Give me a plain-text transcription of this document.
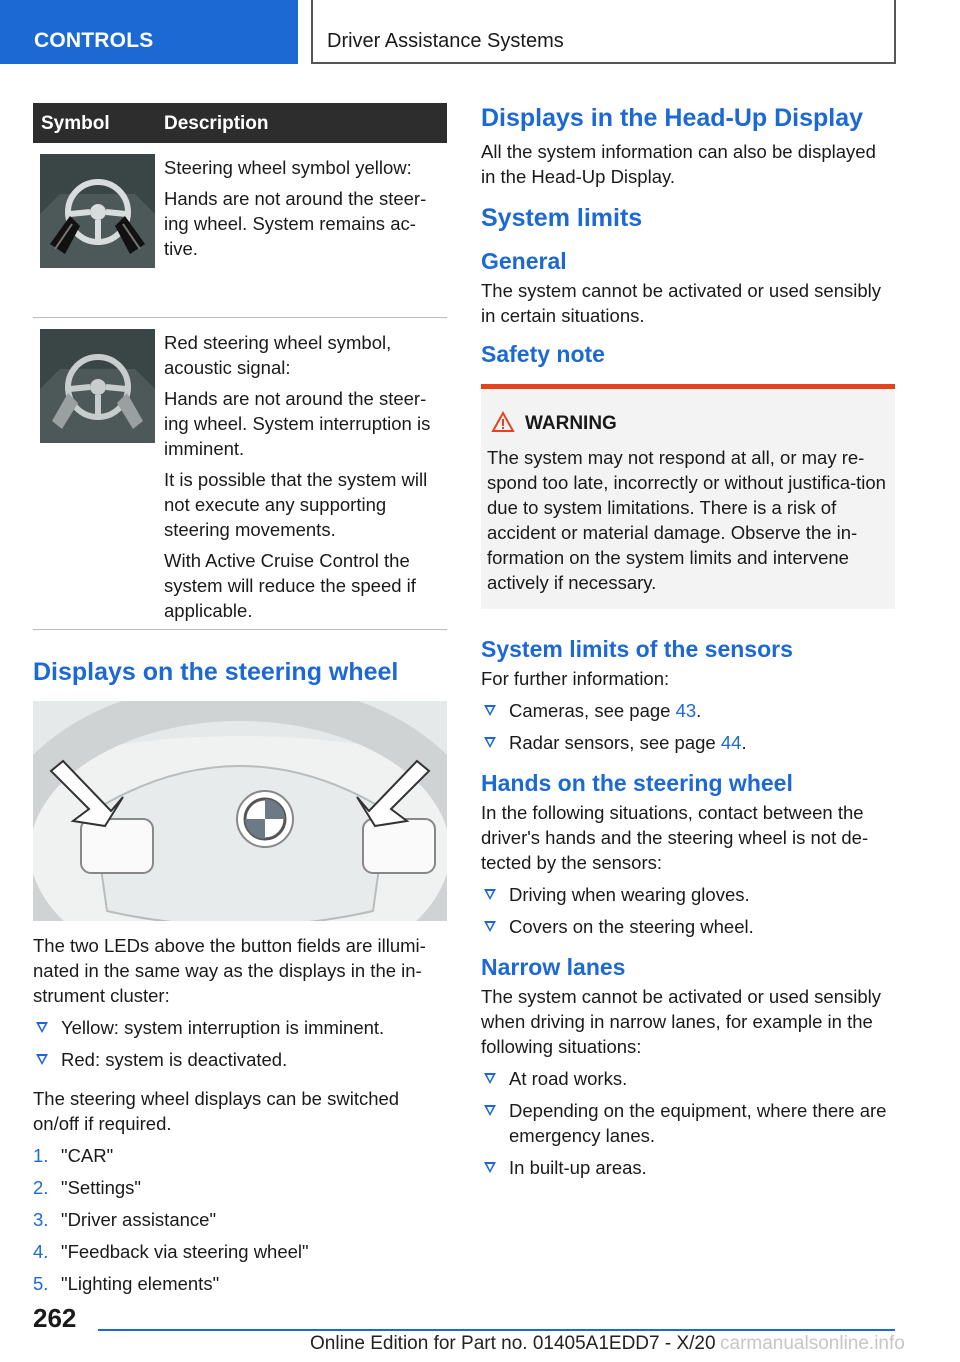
CONTROLS	Driver Assistance Systems
Symbol	Description

Steering wheel symbol yellow:

Hands are not around the steer-ing wheel. System remains ac-tive.

Red steering wheel symbol, acoustic signal:

Hands are not around the steer-ing wheel. System interruption is imminent.

It is possible that the system will not execute any supporting steering movements.

With Active Cruise Control the system will reduce the speed if applicable.

Displays on the steering wheel

The two LEDs above the button fields are illumi-nated in the same way as the displays in the in-strument cluster:

Yellow: system interruption is imminent.
Red: system is deactivated.

The steering wheel displays can be switched on/off if required.

1. "CAR"
2. "Settings"
3. "Driver assistance"
4. "Feedback via steering wheel"
5. "Lighting elements"
Displays in the Head-Up Display

All the system information can also be displayed in the Head-Up Display.

System limits
General

The system cannot be activated or used sensibly in certain situations.

Safety note
WARNING

The system may not respond at all, or may re-spond too late, incorrectly or without justifica-tion due to system limitations. There is a risk of accident or material damage. Observe the in-formation on the system limits and intervene actively if necessary.

System limits of the sensors

For further information:

Cameras, see page 43.
Radar sensors, see page 44.
Hands on the steering wheel

In the following situations, contact between the driver's hands and the steering wheel is not de-tected by the sensors:

Driving when wearing gloves.
Covers on the steering wheel.
Narrow lanes

The system cannot be activated or used sensibly when driving in narrow lanes, for example in the following situations:

At road works.
Depending on the equipment, where there are emergency lanes.
In built-up areas.
262
Online Edition for Part no. 01405A1EDD7 - X/20 carmanualsonline.info
